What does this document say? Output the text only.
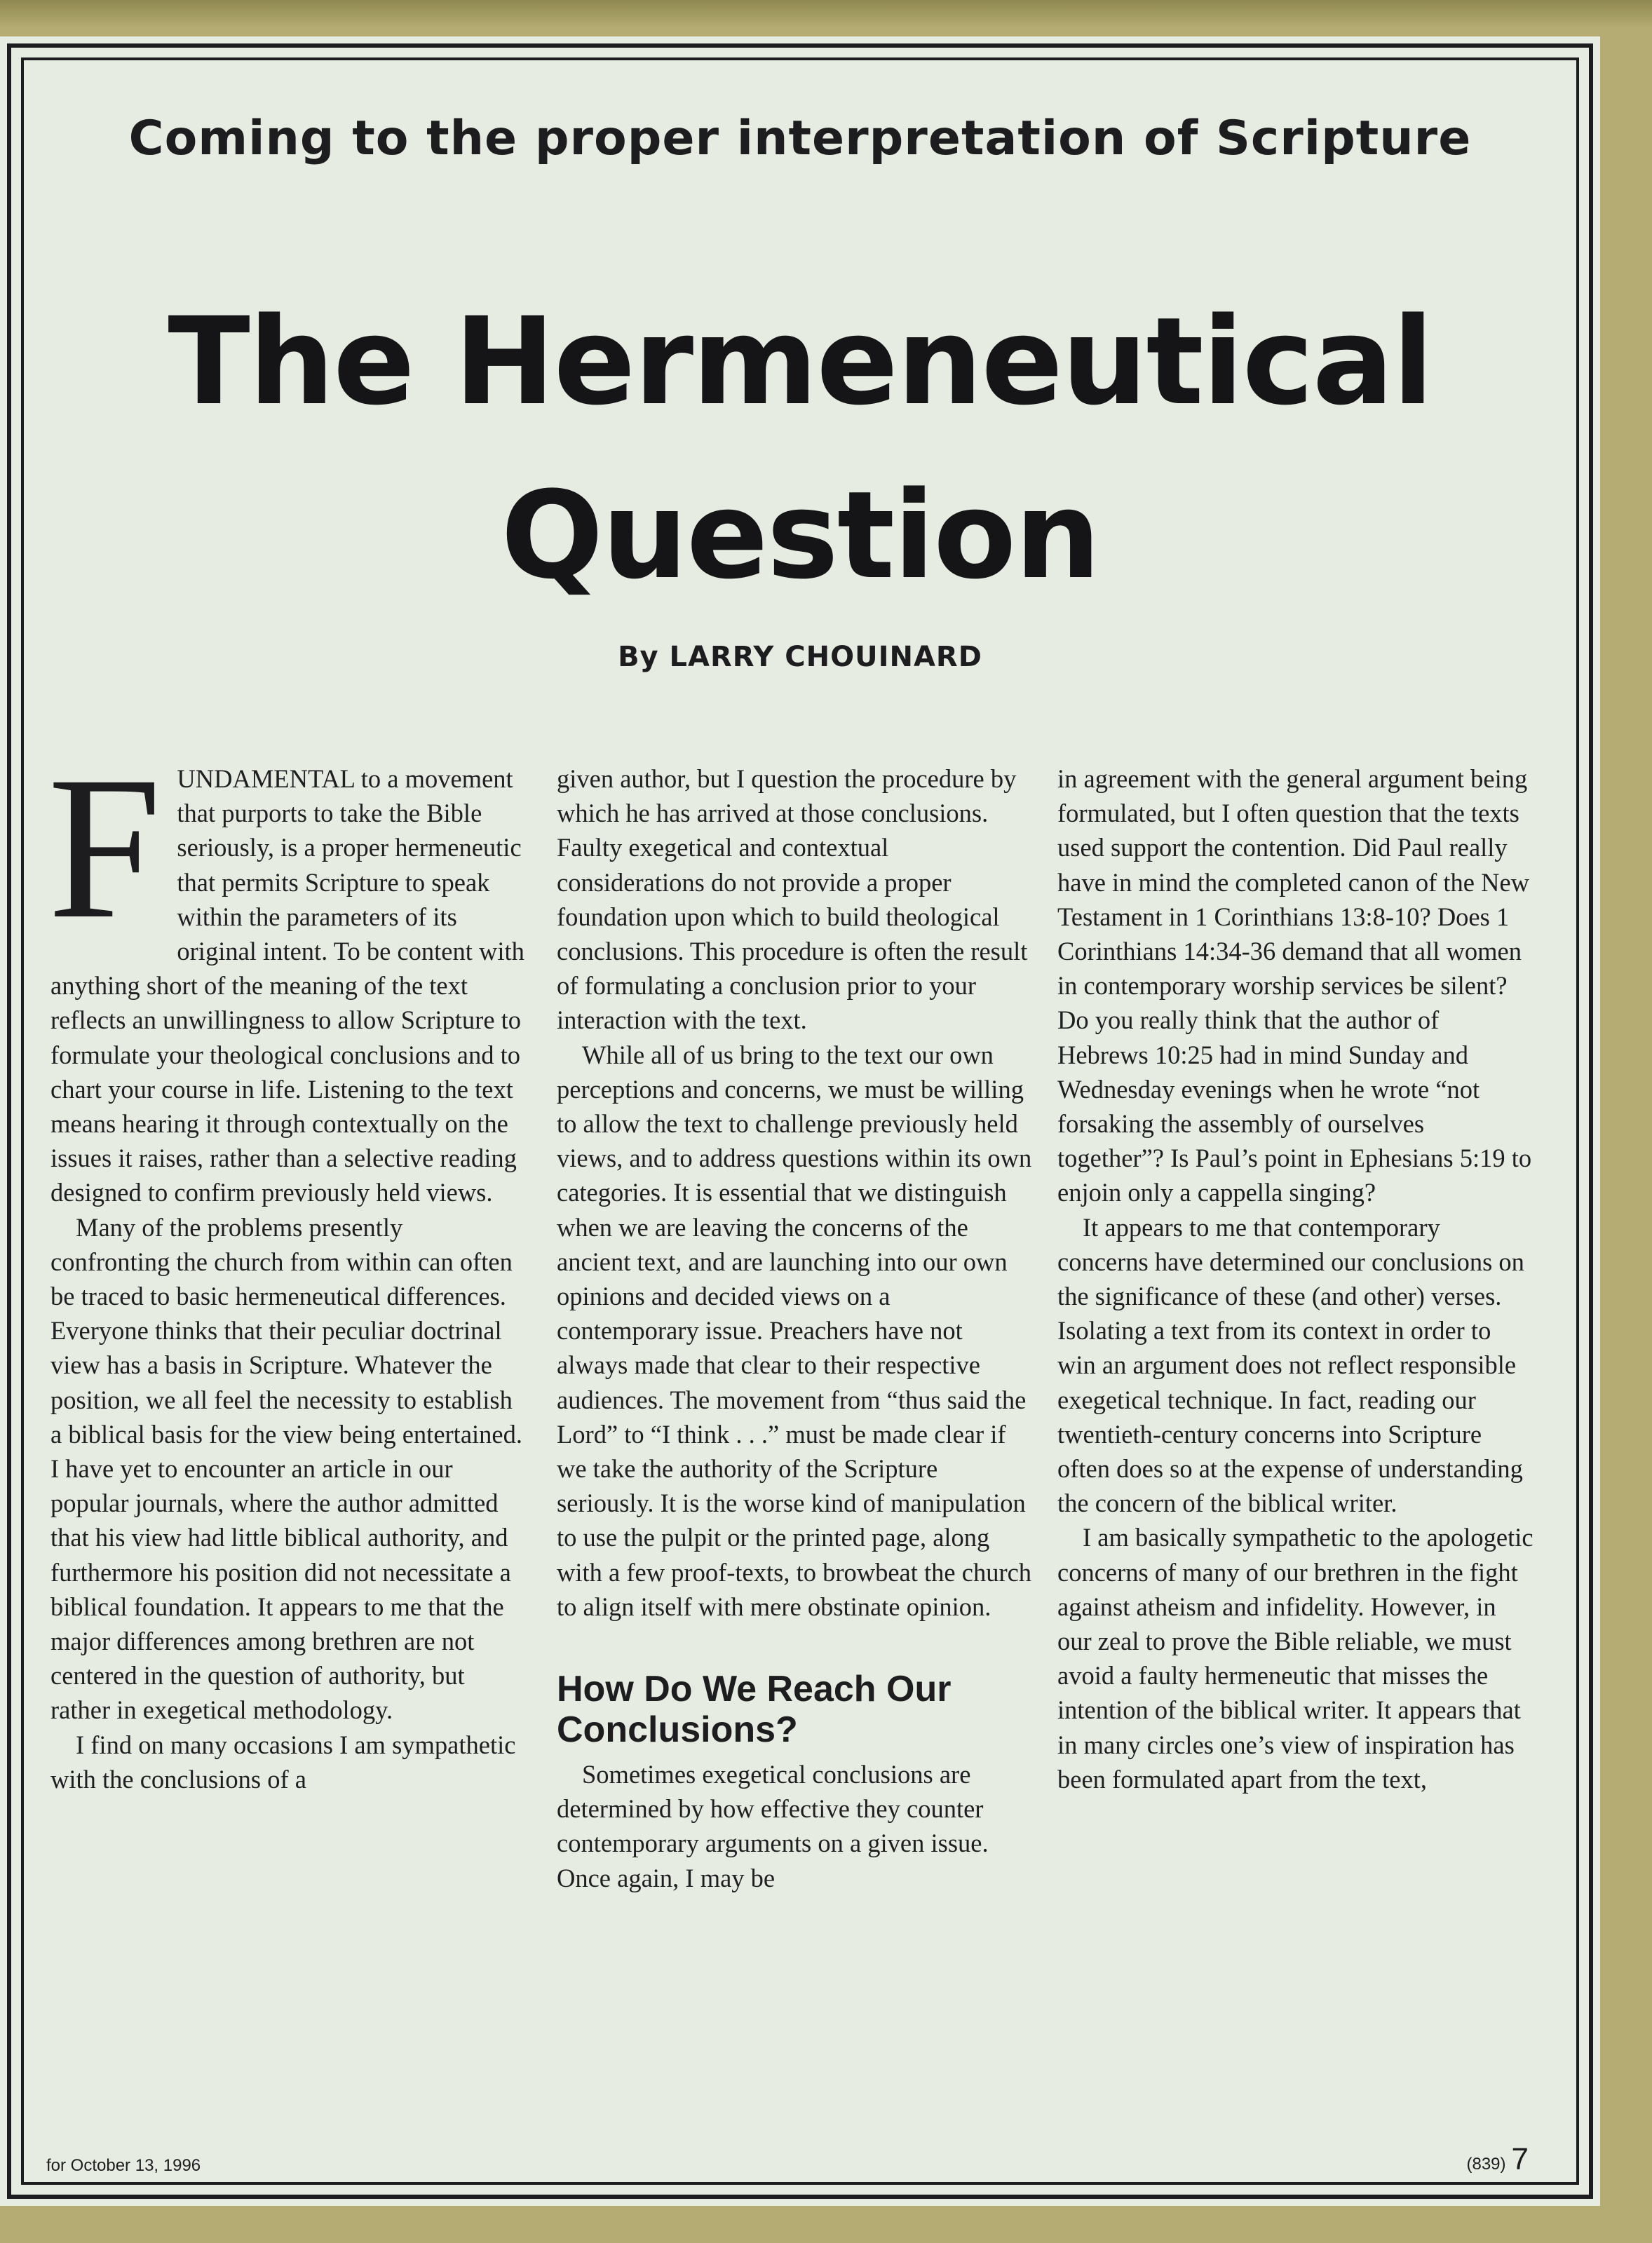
Coming to the proper interpretation of Scripture
The Hermeneutical
Question
By LARRY CHOUINARD

FUNDAMENTAL to a movement that purports to take the Bible seriously, is a proper hermeneutic that permits Scripture to speak within the parameters of its original intent. To be content with anything short of the meaning of the text reflects an unwillingness to allow Scripture to formulate your theological conclusions and to chart your course in life. Listening to the text means hearing it through contextually on the issues it raises, rather than a selective reading designed to confirm previously held views.

Many of the problems presently confronting the church from within can often be traced to basic hermeneutical differences. Everyone thinks that their peculiar doctrinal view has a basis in Scripture. Whatever the position, we all feel the necessity to establish a biblical basis for the view being entertained. I have yet to encounter an article in our popular journals, where the author admitted that his view had little biblical authority, and furthermore his position did not necessitate a biblical foundation. It appears to me that the major differences among brethren are not centered in the question of authority, but rather in exegetical methodology.

I find on many occasions I am sympathetic with the conclusions of a

given author, but I question the procedure by which he has arrived at those conclusions. Faulty exegetical and contextual considerations do not provide a proper foundation upon which to build theological conclusions. This procedure is often the result of formulating a conclusion prior to your interaction with the text.

While all of us bring to the text our own perceptions and concerns, we must be willing to allow the text to challenge previously held views, and to address questions within its own categories. It is essential that we distinguish when we are leaving the concerns of the ancient text, and are launching into our own opinions and decided views on a contemporary issue. Preachers have not always made that clear to their respective audiences. The movement from “thus said the Lord” to “I think . . .” must be made clear if we take the authority of the Scripture seriously. It is the worse kind of manipulation to use the pulpit or the printed page, along with a few proof-texts, to browbeat the church to align itself with mere obstinate opinion.

How Do We Reach Our Conclusions?

Sometimes exegetical conclusions are determined by how effective they counter contemporary arguments on a given issue. Once again, I may be

in agreement with the general argument being formulated, but I often question that the texts used support the contention. Did Paul really have in mind the completed canon of the New Testament in 1 Corinthians 13:8-10? Does 1 Corinthians 14:34-36 demand that all women in contemporary worship services be silent? Do you really think that the author of Hebrews 10:25 had in mind Sunday and Wednesday evenings when he wrote “not forsaking the assembly of ourselves together”? Is Paul’s point in Ephesians 5:19 to enjoin only a cappella singing?

It appears to me that contemporary concerns have determined our conclusions on the significance of these (and other) verses. Isolating a text from its context in order to win an argument does not reflect responsible exegetical technique. In fact, reading our twentieth-century concerns into Scripture often does so at the expense of understanding the concern of the biblical writer.

I am basically sympathetic to the apologetic concerns of many of our brethren in the fight against atheism and infidelity. However, in our zeal to prove the Bible reliable, we must avoid a faulty hermeneutic that misses the intention of the biblical writer. It appears that in many circles one’s view of inspiration has been formulated apart from the text,

for October 13, 1996	(839) 7
